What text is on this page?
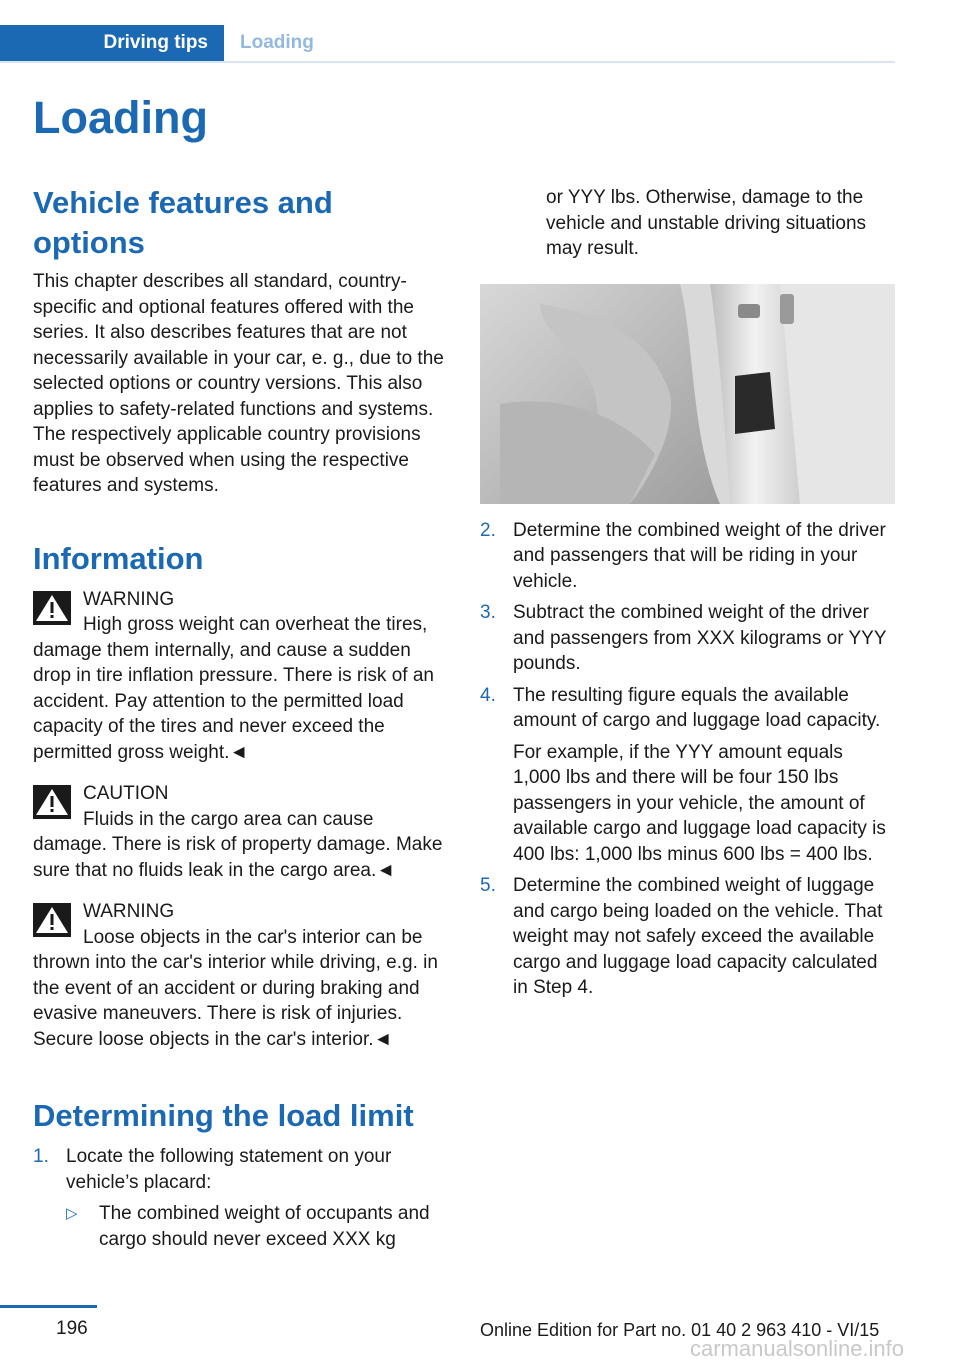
Driving tips	Loading
Loading
Vehicle features and options

This chapter describes all standard, country-specific and optional features offered with the series. It also describes features that are not necessarily available in your car, e. g., due to the selected options or country versions. This also applies to safety-related functions and systems. The respectively applicable country provisions must be observed when using the respective features and systems.

Information
WARNING

High gross weight can overheat the tires, damage them internally, and cause a sudden drop in tire inflation pressure. There is risk of an accident. Pay attention to the permitted load capacity of the tires and never exceed the permitted gross weight.◄

CAUTION

Fluids in the cargo area can cause damage. There is risk of property damage. Make sure that no fluids leak in the cargo area.◄

WARNING

Loose objects in the car's interior can be thrown into the car's interior while driving, e.g. in the event of an accident or during braking and evasive maneuvers. There is risk of injuries. Secure loose objects in the car's interior.◄

Determining the load limit
1. Locate the following statement on your vehicle’s placard:
▷ The combined weight of occupants and cargo should never exceed XXX kg

or YYY lbs. Otherwise, damage to the vehicle and unstable driving situations may result.

2. Determine the combined weight of the driver and passengers that will be riding in your vehicle.
3. Subtract the combined weight of the driver and passengers from XXX kilograms or YYY pounds.
4. The resulting figure equals the available amount of cargo and luggage load capacity.

For example, if the YYY amount equals 1,000 lbs and there will be four 150 lbs passengers in your vehicle, the amount of available cargo and luggage load capacity is 400 lbs: 1,000 lbs minus 600 lbs = 400 lbs.

5. Determine the combined weight of luggage and cargo being loaded on the vehicle. That weight may not safely exceed the available cargo and luggage load capacity calculated in Step 4.
196	Online Edition for Part no. 01 40 2 963 410 - VI/15
carmanualsonline.info
